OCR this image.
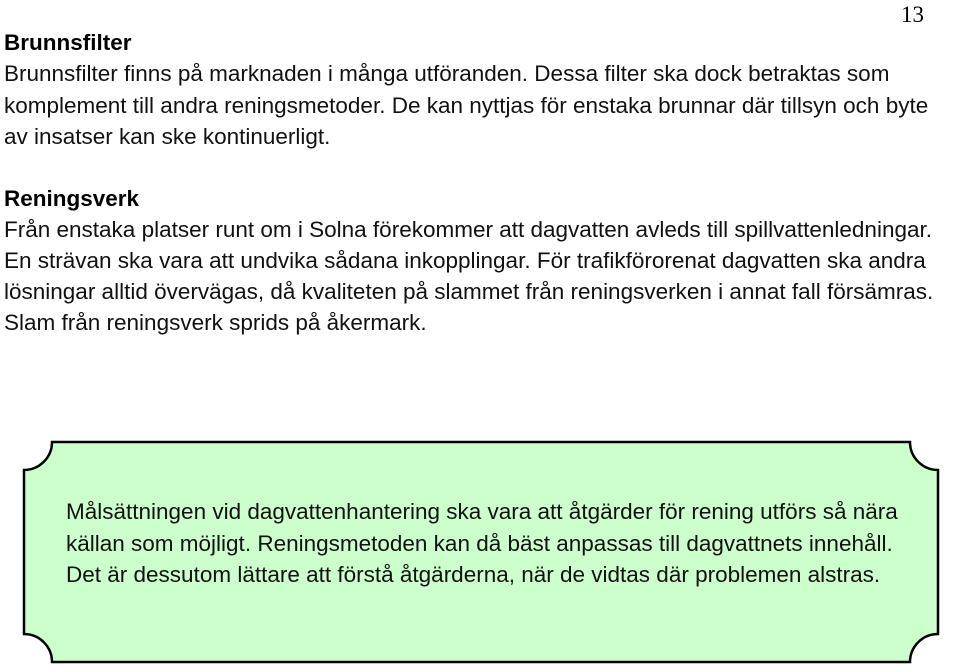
13
Brunnsfilter

Brunnsfilter finns på marknaden i många utföranden. Dessa filter ska dock betraktas som komplement till andra reningsmetoder. De kan nyttjas för enstaka brunnar där tillsyn och byte av insatser kan ske kontinuerligt.

Reningsverk

Från enstaka platser runt om i Solna förekommer att dagvatten avleds till spillvattenledningar. En strävan ska vara att undvika sådana inkopplingar. För trafikförorenat dagvatten ska andra lösningar alltid övervägas, då kvaliteten på slammet från reningsverken i annat fall försämras. Slam från reningsverk sprids på åkermark.

Målsättningen vid dagvattenhantering ska vara att åtgärder för rening utförs så nära källan som möjligt. Reningsmetoden kan då bäst anpassas till dagvattnets innehåll. Det är dessutom lättare att förstå åtgärderna, när de vidtas där problemen alstras.
